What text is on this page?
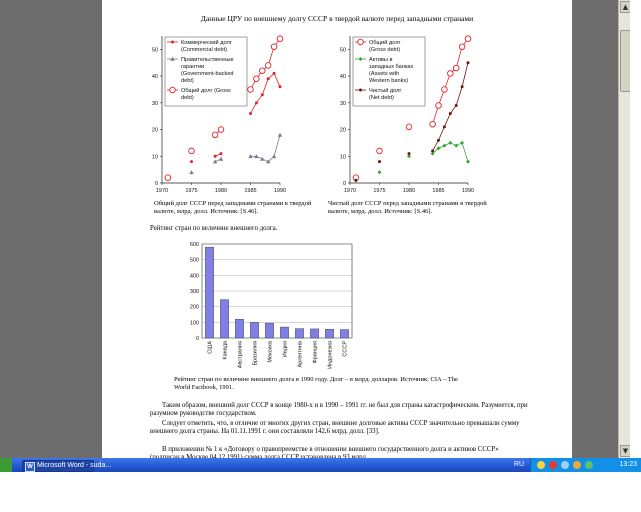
Данные ЦРУ по внешнему долгу СССР в твердой валюте перед западными странами
0
10
20
30
40
50
1970	1975	1980	1985	1990
Коммерческий долг
(Commercial debt)
Правительственные
гарантии
(Government-backed
debt)
Общий долг (Gross
debt)
0
10
20
30
40
50
1970	1975	1980	1985	1990
Общий долг
(Gross debt)
Активы в
западных банках
(Assets with
Western banks)
Чистый долг
(Net debt)
Общий долг СССР перед западными странами в твердой валюте, млрд. долл. Источник: [S.46].
Чистый долг СССР перед западными странами в твердой валюте, млрд. долл. Источник: [S.46].
Рейтинг стран по величине внешнего долга.
0
100
200
300
400
500
600
США Канада Австралия Бразилия Мексика Индия Аргентина Франция Индонезия СССР
Рейтинг стран по величине внешнего долга в 1990 году. Долг – в млрд. долларов. Источник: CIA – The World Factbook, 1991.
Таким образом, внешний долг СССР в конце 1980-х и в 1990 – 1991 гг. не был для страны катастрофическим. Разумеется, при разумном руководстве государством.
Следует отметить, что, в отличие от многих других стран, внешние долговые активы СССР значительно превышали сумму внешнего долга страны. На 01.11.1991 г. они составляли 142,6 млрд. долл. [33].
В приложении № 1 к «Договору о правопреемстве в отношении внешнего государственного долга и активов СССР»
▲
▼
W Microsoft Word - suda...	RU	13:23
